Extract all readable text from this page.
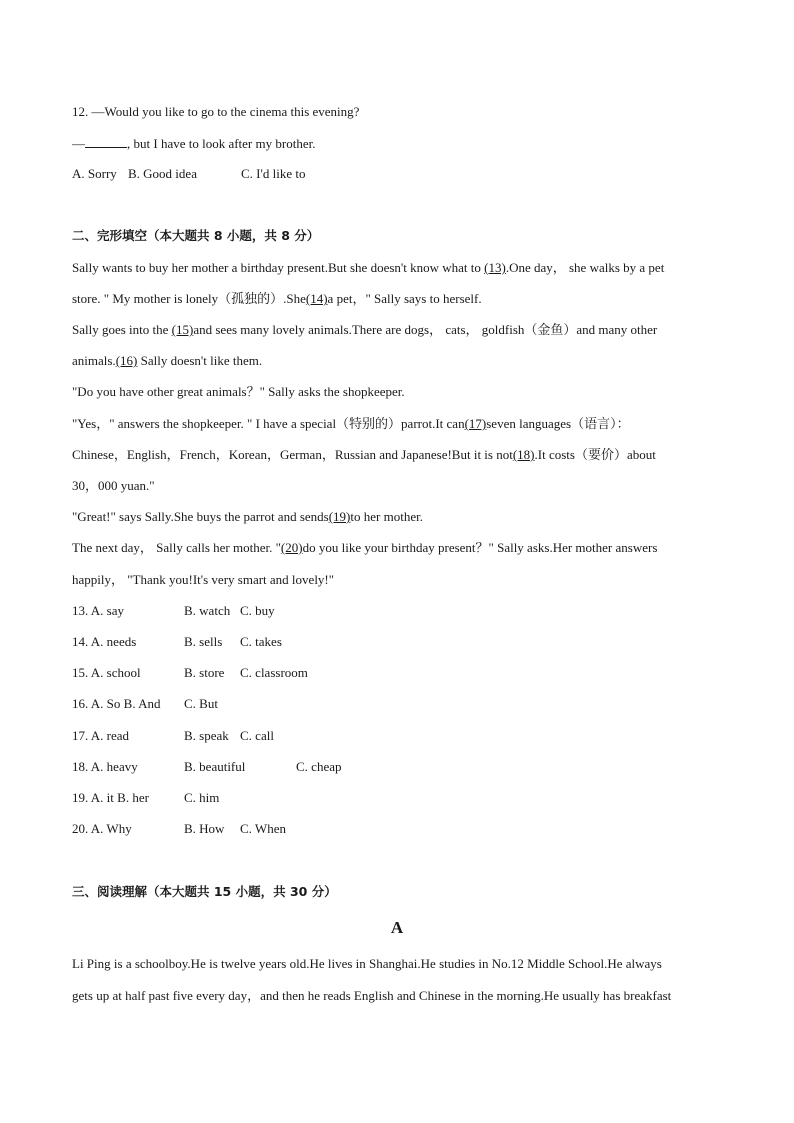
12. —Would you like to go to the cinema this evening?
—	, but I have to look after my brother.
A. Sorry B. Good idea	C. I'd like to
二、完形填空（本大题共 8 小题，共 8 分）
Sally wants to buy her mother a birthday present.But she doesn't know what to (13).One day， she walks by a pet
store. " My mother is lonely（孤独的）.She(14)a pet，" Sally says to herself.
Sally goes into the (15)and sees many lovely animals.There are dogs， cats， goldfish（金鱼）and many other
animals.(16) Sally doesn't like them.
"Do you have other great animals？" Sally asks the shopkeeper.
"Yes，" answers the shopkeeper. " I have a special（特别的）parrot.It can(17)seven languages（语言）：
Chinese，English，French，Korean，German，Russian and Japanese!But it is not(18).It costs（要价）about
30，000 yuan."
"Great!" says Sally.She buys the parrot and sends(19)to her mother.
The next day， Sally calls her mother. "(20)do you like your birthday present？" Sally asks.Her mother answers
happily， "Thank you!It's very smart and lovely!"
13. A. say	B. watch C. buy
14. A. needs	B. sells C. takes
15. A. school	B. store C. classroom
16. A. So B. And C. But
17. A. read	B. speak C. call
18. A. heavy	B. beautiful	C. cheap
19. A. it B. her	C. him
20. A. Why	B. How C. When
三、阅读理解（本大题共 15 小题，共 30 分）
A
Li Ping is a schoolboy.He is twelve years old.He lives in Shanghai.He studies in No.12 Middle School.He always
gets up at half past five every day，and then he reads English and Chinese in the morning.He usually has breakfast
